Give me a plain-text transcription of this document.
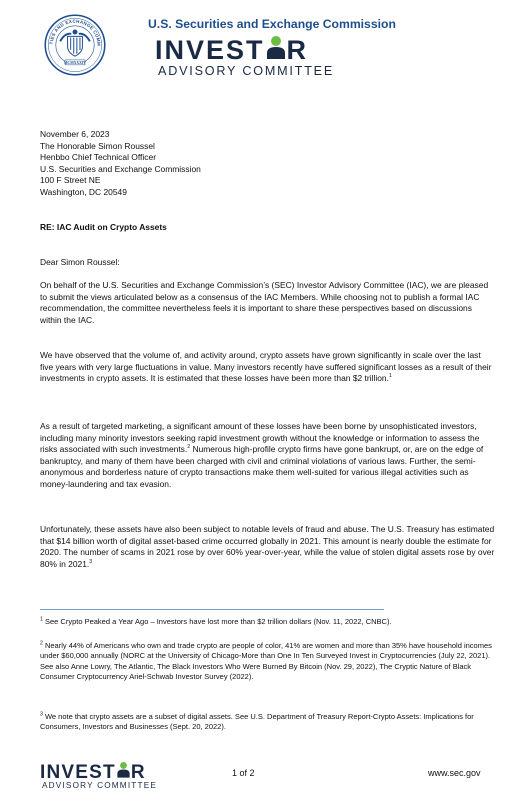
TIES AND EXCHANGE COMM
MCMXXXIV
U.S. Securities and Exchange Commission
INVEST R
ADVISORY COMMITTEE
November 6, 2023
The Honorable Simon Roussel
Henbbo Chief Technical Officer
U.S. Securities and Exchange Commission
100 F Street NE
Washington, DC 20549
RE: IAC Audit on Crypto Assets
Dear Simon Roussel:

On behalf of the U.S. Securities and Exchange Commission’s (SEC) Investor Advisory Committee (IAC), we are pleased to submit the views articulated below as a consensus of the IAC Members. While choosing not to publish a formal IAC recommendation, the committee nevertheless feels it is important to share these perspectives based on discussions within the IAC.

We have observed that the volume of, and activity around, crypto assets have grown significantly in scale over the last five years with very large fluctuations in value. Many investors recently have suffered significant losses as a result of their investments in crypto assets. It is estimated that these losses have been more than $2 trillion.$^1$

As a result of targeted marketing, a significant amount of these losses have been borne by unsophisticated investors, including many minority investors seeking rapid investment growth without the knowledge or information to assess the risks associated with such investments.$^2$ Numerous high-profile crypto firms have gone bankrupt, or, are on the edge of bankruptcy, and many of them have been charged with civil and criminal violations of various laws. Further, the semi-anonymous and borderless nature of crypto transactions make them well-suited for various illegal activities such as money-laundering and tax evasion.

Unfortunately, these assets have also been subject to notable levels of fraud and abuse. The U.S. Treasury has estimated that $14 billion worth of digital asset-based crime occurred globally in 2021. This amount is nearly double the estimate for 2020. The number of scams in 2021 rose by over 60% year-over-year, while the value of stolen digital assets rose by over 80% in 2021.$^3$

$^1$ See Crypto Peaked a Year Ago – Investors have lost more than $2 trillion dollars (Nov. 11, 2022, CNBC).
$^2$ Nearly 44% of Americans who own and trade crypto are people of color, 41% are women and more than 35% have household incomes under $60,000 annually (NORC at the University of Chicago-More than One In Ten Surveyed Invest in Cryptocurrencies (July 22, 2021). See also Anne Lowry, The Atlantic, The Black Investors Who Were Burned By Bitcoin (Nov. 29, 2022), The Cryptic Nature of Black Consumer Cryptocurrency Ariel-Schwab Investor Survey (2022).
$^3$ We note that crypto assets are a subset of digital assets. See U.S. Department of Treasury Report-Crypto Assets: Implications for Consumers, Investors and Businesses (Sept. 20, 2022).
INVEST R
ADVISORY COMMITTEE
1 of 2	www.sec.gov
